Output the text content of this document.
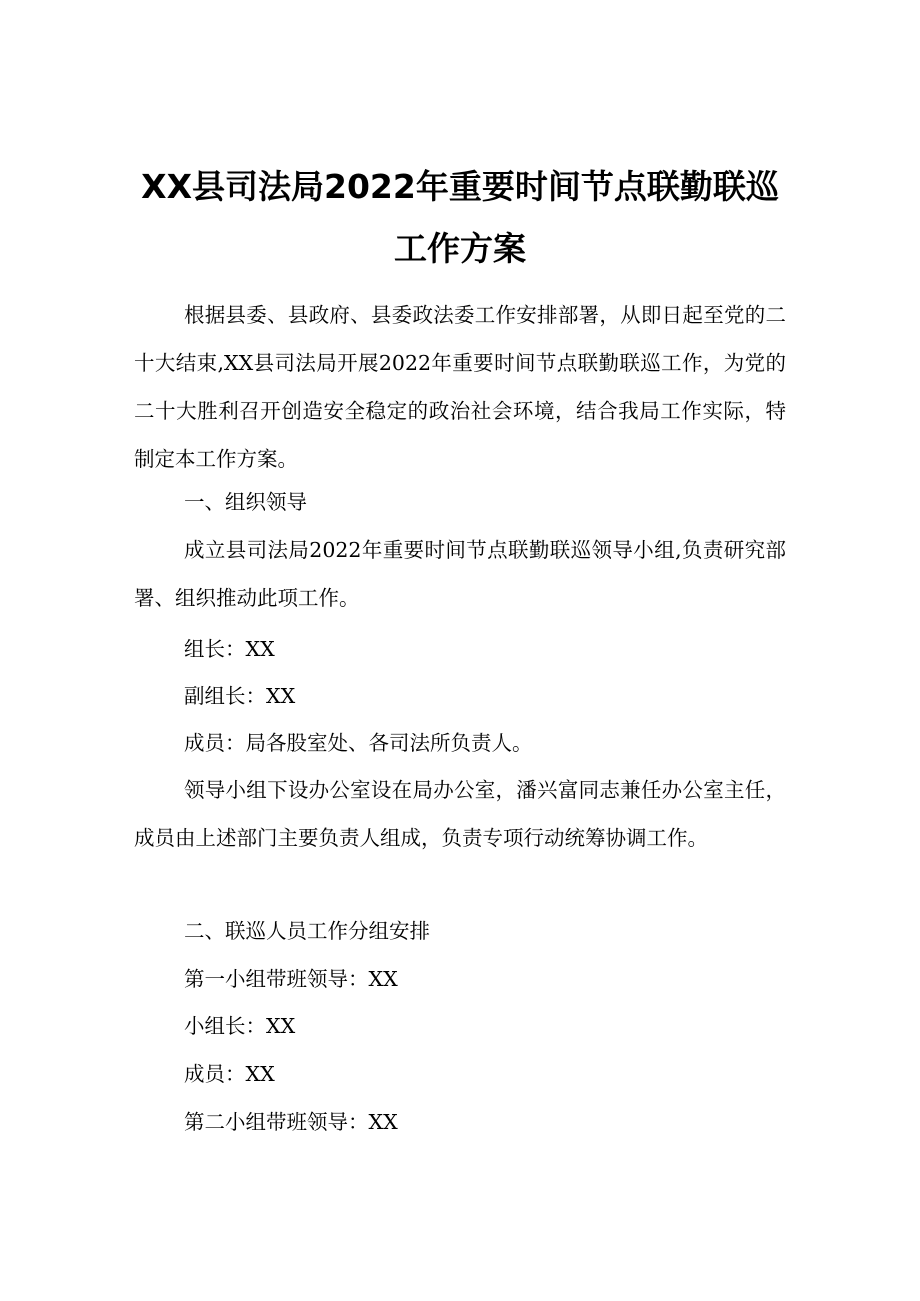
XX县司法局2022年重要时间节点联勤联巡
工作方案

根据县委、县政府、县委政法委工作安排部署，从即日起至党的二十大结束,XX县司法局开展2022年重要时间节点联勤联巡工作，为党的二十大胜利召开创造安全稳定的政治社会环境，结合我局工作实际，特制定本工作方案。

一、组织领导

成立县司法局2022年重要时间节点联勤联巡领导小组,负责研究部署、组织推动此项工作。

组长：XX

副组长：XX

成员：局各股室处、各司法所负责人。

领导小组下设办公室设在局办公室，潘兴富同志兼任办公室主任，成员由上述部门主要负责人组成，负责专项行动统筹协调工作。

二、联巡人员工作分组安排

第一小组带班领导：XX

小组长：XX

成员：XX

第二小组带班领导：XX
